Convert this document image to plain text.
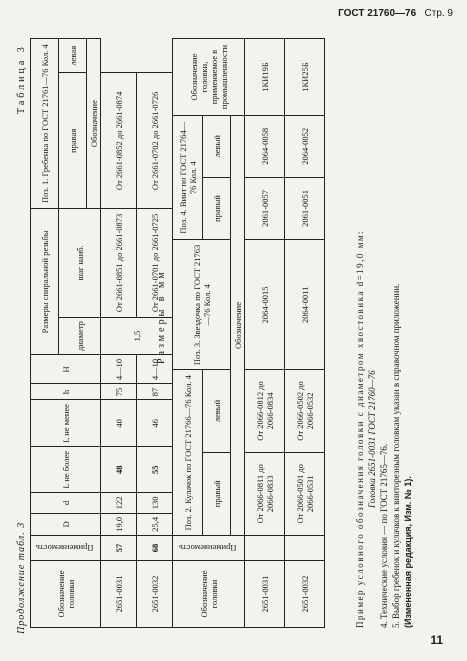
ГОСТ 21760—76 Стр. 9
Продолжение табл. 3
Таблица 3
Размеры в мм
Обозначение головки	Применяемость	D	d	L не более	L не менее	h	H	Размеры спиральной резьбы		Поз. 1. Гребенка по ГОСТ 21761—76 Кол. 4	
								диаметр	шаг наиб.	правая	левая
										Обозначение	
2651-0031	57	19,0	122	48	40	75	4—10	1,5	От 2661-0851 до 2661-0873	От 2661-0852 до 2661-0874	
2651-0032	68	25,4	130	55	46	87	4—10		От 2661-0701 до 2661-0725	От 2661-0702 до 2661-0726	
Обозначение головки	Применяемость	Поз. 2. Кулачок по ГОСТ 21766—76 Кол. 4		Поз. 3. Звездочка по ГОСТ 21763—76 Кол. 4	Поз. 4. Винт по ГОСТ 21764—76 Кол. 4		Обозначение головки, применяемое в промышленности
		правый	левый		правый	левый	
		Обозначение					
2651-0031		От 2066-0811 до 2066-0833	От 2066-0812 до 2066-0834	2064-0015	2061-0057	2064-0058	1КИ19Б
2651-0032		От 2066-0501 до 2066-0531	От 2066-0502 до 2066-0532	2064-0011	2061-0051	2064-0052	1КИ25Б
Пример условного обозначения головки с диаметром хвостовика d=19,0 мм: Головка 2651-0031 ГОСТ 21760—76
4. Технические условия — по ГОСТ 21765—76. 5. Выбор гребенок и кулачков к винторезным головкам указан в справочном приложении. (Измененная редакция, Изм. № 1).
11
